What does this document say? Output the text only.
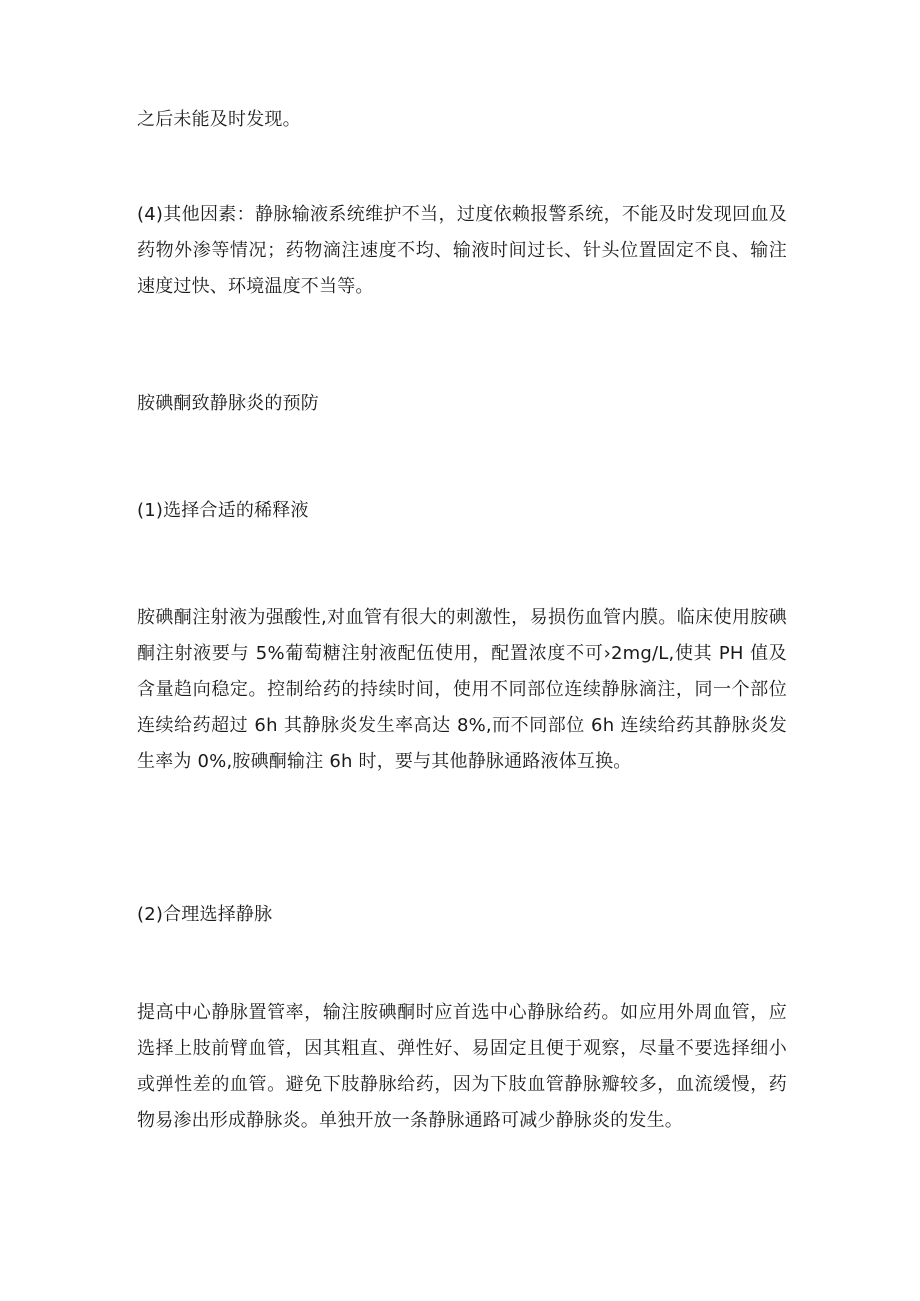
之后未能及时发现。

(4)其他因素：静脉输液系统维护不当，过度依赖报警系统，不能及时发现回血及药物外渗等情况；药物滴注速度不均、输液时间过长、针头位置固定不良、输注速度过快、环境温度不当等。

胺碘酮致静脉炎的预防

(1)选择合适的稀释液

胺碘酮注射液为强酸性,对血管有很大的刺激性，易损伤血管内膜。临床使用胺碘酮注射液要与 5%葡萄糖注射液配伍使用，配置浓度不可›2mg/L,使其 PH 值及含量趋向稳定。控制给药的持续时间，使用不同部位连续静脉滴注，同一个部位连续给药超过 6h 其静脉炎发生率高达 8%,而不同部位 6h 连续给药其静脉炎发生率为 0%,胺碘酮输注 6h 时，要与其他静脉通路液体互换。

(2)合理选择静脉

提高中心静脉置管率，输注胺碘酮时应首选中心静脉给药。如应用外周血管，应选择上肢前臂血管，因其粗直、弹性好、易固定且便于观察，尽量不要选择细小或弹性差的血管。避免下肢静脉给药，因为下肢血管静脉瓣较多，血流缓慢，药物易渗出形成静脉炎。单独开放一条静脉通路可减少静脉炎的发生。
